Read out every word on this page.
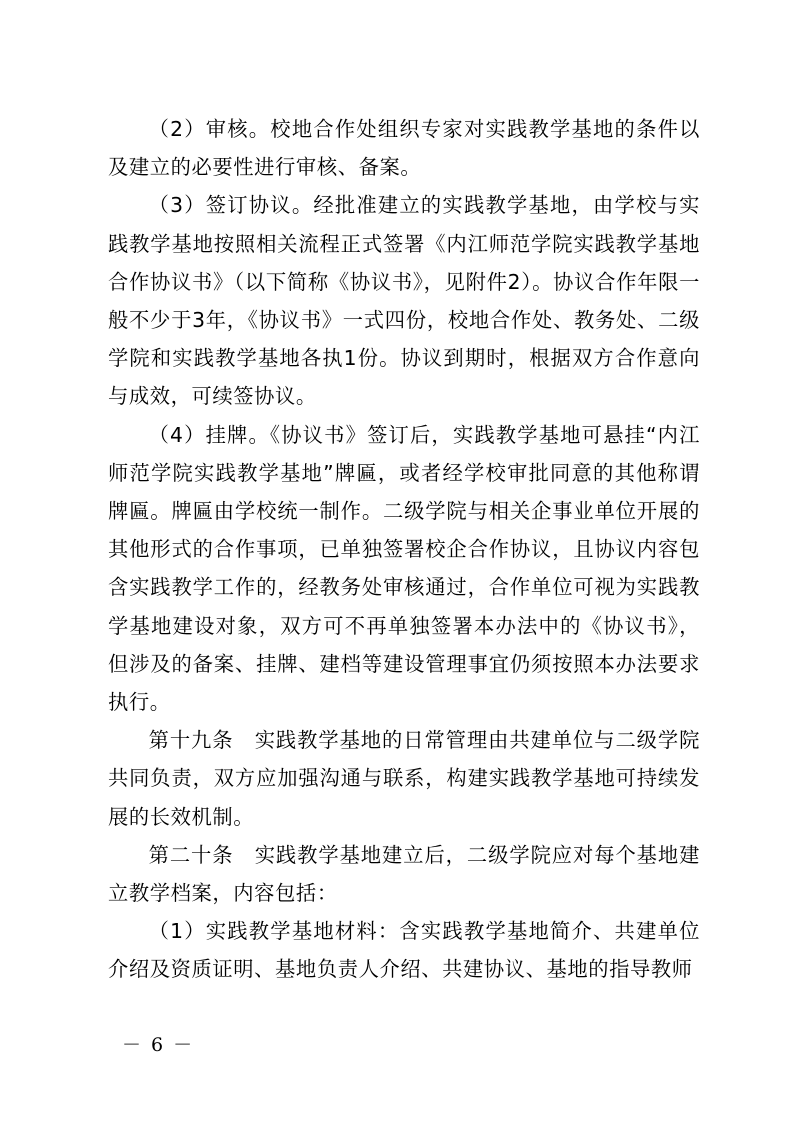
（2）审核。校地合作处组织专家对实践教学基地的条件以及建立的必要性进行审核、备案。

（3）签订协议。经批准建立的实践教学基地，由学校与实践教学基地按照相关流程正式签署《内江师范学院实践教学基地合作协议书》（以下简称《协议书》，见附件2）。协议合作年限一般不少于3年，《协议书》一式四份，校地合作处、教务处、二级学院和实践教学基地各执1份。协议到期时，根据双方合作意向与成效，可续签协议。

（4）挂牌。《协议书》签订后，实践教学基地可悬挂“内江师范学院实践教学基地”牌匾，或者经学校审批同意的其他称谓牌匾。牌匾由学校统一制作。二级学院与相关企事业单位开展的其他形式的合作事项，已单独签署校企合作协议，且协议内容包含实践教学工作的，经教务处审核通过，合作单位可视为实践教学基地建设对象，双方可不再单独签署本办法中的《协议书》，但涉及的备案、挂牌、建档等建设管理事宜仍须按照本办法要求执行。

第十九条　实践教学基地的日常管理由共建单位与二级学院共同负责，双方应加强沟通与联系，构建实践教学基地可持续发展的长效机制。

第二十条　实践教学基地建立后，二级学院应对每个基地建立教学档案，内容包括：

（1）实践教学基地材料：含实践教学基地简介、共建单位介绍及资质证明、基地负责人介绍、共建协议、基地的指导教师

－ 6 －
